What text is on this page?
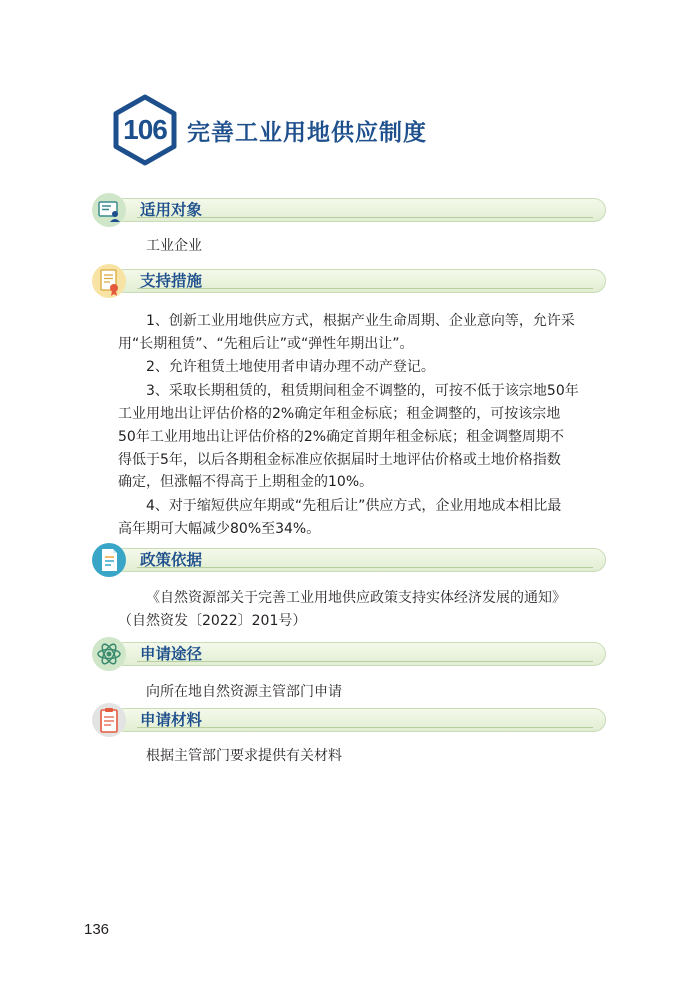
106 完善工业用地供应制度
适用对象
工业企业
支持措施
1、创新工业用地供应方式，根据产业生命周期、企业意向等，允许采
用“长期租赁”、“先租后让”或“弹性年期出让”。
2、允许租赁土地使用者申请办理不动产登记。
3、采取长期租赁的，租赁期间租金不调整的，可按不低于该宗地50年
工业用地出让评估价格的2%确定年租金标底；租金调整的，可按该宗地
50年工业用地出让评估价格的2%确定首期年租金标底；租金调整周期不
得低于5年，以后各期租金标准应依据届时土地评估价格或土地价格指数
确定，但涨幅不得高于上期租金的10%。
4、对于缩短供应年期或“先租后让”供应方式，企业用地成本相比最
高年期可大幅减少80%至34%。
政策依据
《自然资源部关于完善工业用地供应政策支持实体经济发展的通知》
（自然资发〔2022〕201号）
申请途径
向所在地自然资源主管部门申请
申请材料
根据主管部门要求提供有关材料
136
